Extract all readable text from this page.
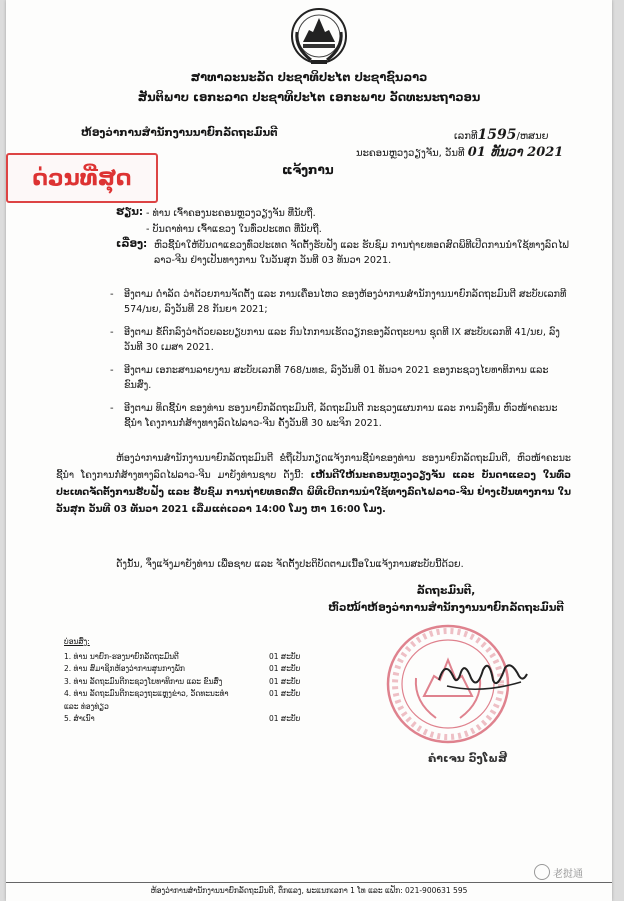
ສາທາລະນະລັດ ປະຊາທິປະໄຕ ປະຊາຊົນລາວ
ສັນຕິພາບ ເອກະລາດ ປະຊາທິປະໄຕ ເອກະພາບ ວັດທະນະຖາວອນ
ຫ້ອງວ່າການສຳນັກງານນາຍົກລັດຖະມົນຕີ	ເລກທີ1595/ຫສນຍ
ນະຄອນຫຼວງວຽງຈັນ, ວັນທີ 01 ທັນວາ 2021
ດ່ວນທີ່ສຸດ	ແຈ້ງການ
ຮຽນ: - ທ່ານ ເຈົ້າຄອງນະຄອນຫຼວງວຽງຈັນ ທີ່ນັບຖື.
- ບັນດາທ່ານ ເຈົ້າແຂວງ ໃນທົ່ວປະເທດ ທີ່ນັບຖື.
ເລື່ອງ: ຫົວຊີ້ນຳໃຫ້ບັນດາແຂວງທົ່ວປະເທດ ຈັດຕັ້ງຮັບຟັງ ແລະ ຮັບຊົມ ການຖ່າຍທອດສົດພິທີເປີດການນຳໃຊ້ທາງລົດໄຟລາວ-ຈີນ ຢ່າງເປັນທາງການ ໃນວັນສຸກ ວັນທີ 03 ທັນວາ 2021.
-	ອີງຕາມ ດຳລັດ ວ່າດ້ວຍການຈັດຕັ້ງ ແລະ ການເຄື່ອນໄຫວ ຂອງຫ້ອງວ່າການສຳນັກງານນາຍົກລັດຖະມົນຕີ ສະບັບເລກທີ 574/ນຍ, ລົງວັນທີ 28 ກັນຍາ 2021;
-	ອີງຕາມ ຂໍ້ຕົກລົງວ່າດ້ວຍລະບຽບການ ແລະ ກົນໄກການເຮັດວຽກຂອງລັດຖະບານ ຊຸດທີ IX ສະບັບເລກທີ 41/ນຍ, ລົງວັນທີ 30 ເມສາ 2021.
-	ອີງຕາມ ເອກະສານລາຍງານ ສະບັບເລກທີ 768/ນທຂ, ລົງວັນທີ 01 ທັນວາ 2021 ຂອງກະຊວງໄຍທາທິການ ແລະ ຂົນສົ່ງ.
-	ອີງຕາມ ທິດຊີ້ນຳ ຂອງທ່ານ ຮອງນາຍົກລັດຖະມົນຕີ, ລັດຖະມົນຕີ ກະຊວງແຜນການ ແລະ ການລົງທຶນ ຫົວໜ້າຄະນະຊີ້ນຳ ໂຄງການກໍ່ສ້າງທາງລົດໄຟລາວ-ຈີນ ຄັ້ງວັນທີ 30 ພະຈິກ 2021.
ຫ້ອງວ່າການສຳນັກງານນາຍົກລັດຖະມົນຕີ ຂໍຖືເປັນກຽດແຈ້ງການຊີ້ນຳຂອງທ່ານ ຮອງນາຍົກລັດຖະມົນຕີ, ຫົວໜ້າຄະນະຊີ້ນຳ ໂຄງການກໍ່ສ້າງທາງລົດໄຟລາວ-ຈີນ ມາຍັງທ່ານຊາບ ດັ່ງນີ້: ເຫັນດີໃຫ້ນະຄອນຫຼວງວຽງຈັນ ແລະ ບັນດາແຂວງ ໃນທົ່ວປະເທດຈັດຕັ້ງການຮັບຟັງ ແລະ ຮັບຊົມ ການຖ່າຍທອດສົດ ພິທີເປີດການນຳໃຊ້ທາງລົດໄຟລາວ-ຈີນ ຢ່າງເປັນທາງການ ໃນວັນສຸກ ວັນທີ 03 ທັນວາ 2021 ເລີ່ມແຕ່ເວລາ 14:00 ໂມງ ຫາ 16:00 ໂມງ.
ດັ່ງນັ້ນ, ຈຶ່ງແຈ້ງມາຍັງທ່ານ ເພື່ອຊາບ ແລະ ຈັດຕັ້ງປະຕິບັດຕາມເນື້ອໃນແຈ້ງການສະບັບນີ້ດ້ວຍ.
ລັດຖະມົນຕີ,
ຫົວໜ້າຫ້ອງວ່າການສຳນັກງານນາຍົກລັດຖະມົນຕີ
ບ່ອນສົ່ງ:
1. ທ່ານ ນາຍົກ-ຮອງນາຍົກລັດຖະມົນຕີ	01 ສະບັບ
2. ທ່ານ ສົມາຊິກຫ້ອງວ່າການສູນກາງພັກ	01 ສະບັບ
3. ທ່ານ ລັດຖະມົນຕີກະຊວງໂຍທາທິການ ແລະ ຂົນສົ່ງ	01 ສະບັບ
4. ທ່ານ ລັດຖະມົນຕີກະຊວງຖະແຫຼງຂ່າວ, ວັດທະນະທຳ	01 ສະບັບ
ແລະ ທ່ອງທ່ຽວ
5. ສຳເນົາ	01 ສະບັບ
ຄຳເຈນ ວົງໂພສີ
老挝通
ຫ້ອງວ່າການສຳນັກງານນາຍົກລັດຖະມົນຕີ, ຕຶກແລງ, ພະແນກເລກາ 1 ໂທ ແລະ ແຟັກ: 021-900631 595
